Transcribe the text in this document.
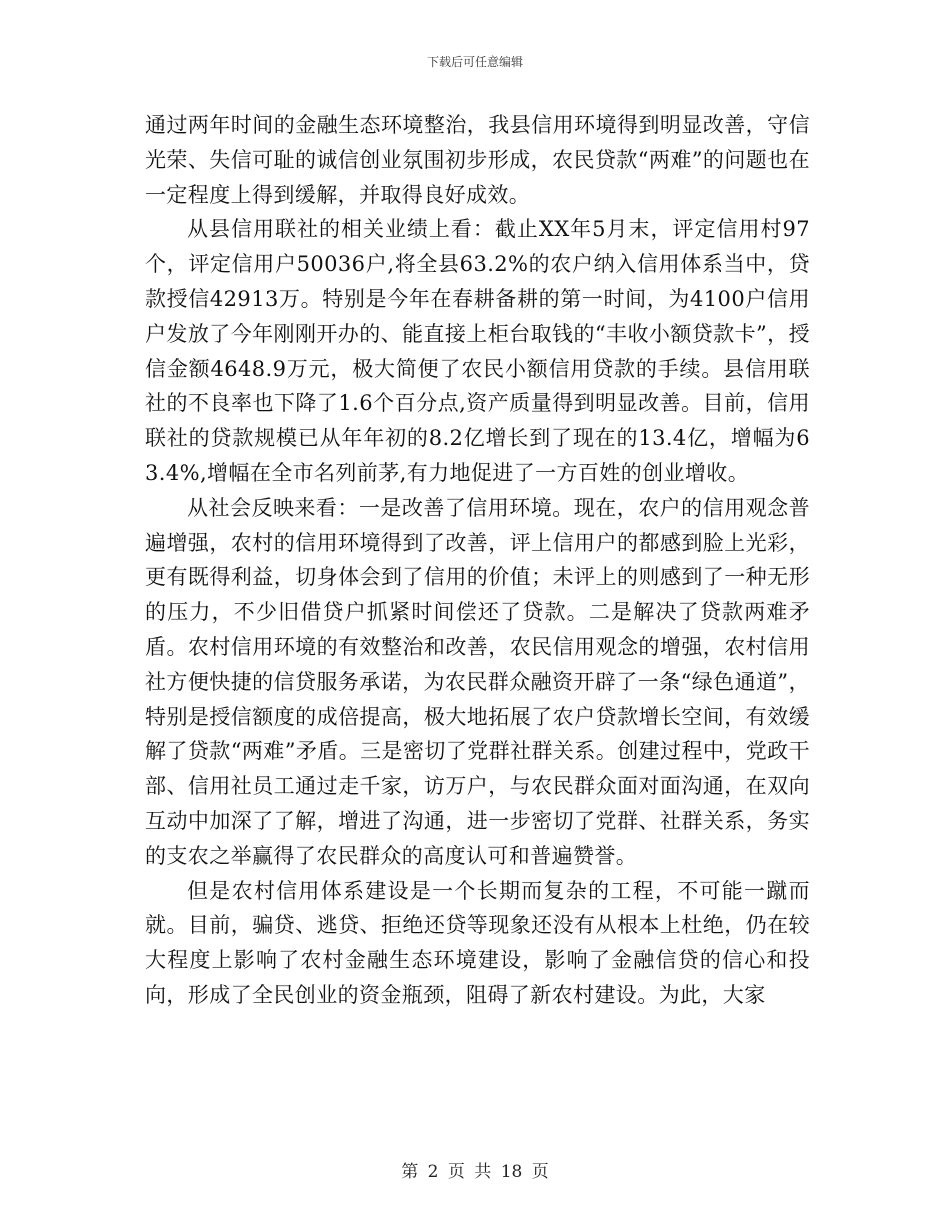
下载后可任意编辑

通过两年时间的金融生态环境整治，我县信用环境得到明显改善，守信光荣、失信可耻的诚信创业氛围初步形成，农民贷款“两难”的问题也在一定程度上得到缓解，并取得良好成效。

从县信用联社的相关业绩上看：截止XX年5月末，评定信用村97个，评定信用户50036户,将全县63.2%的农户纳入信用体系当中，贷款授信42913万。特别是今年在春耕备耕的第一时间，为4100户信用户发放了今年刚刚开办的、能直接上柜台取钱的“丰收小额贷款卡”，授信金额4648.9万元，极大简便了农民小额信用贷款的手续。县信用联社的不良率也下降了1.6个百分点,资产质量得到明显改善。目前，信用联社的贷款规模已从年年初的8.2亿增长到了现在的13.4亿，增幅为63.4%,增幅在全市名列前茅,有力地促进了一方百姓的创业增收。

从社会反映来看：一是改善了信用环境。现在，农户的信用观念普遍增强，农村的信用环境得到了改善，评上信用户的都感到脸上光彩，更有既得利益，切身体会到了信用的价值；未评上的则感到了一种无形的压力，不少旧借贷户抓紧时间偿还了贷款。二是解决了贷款两难矛盾。农村信用环境的有效整治和改善，农民信用观念的增强，农村信用社方便快捷的信贷服务承诺，为农民群众融资开辟了一条“绿色通道”，特别是授信额度的成倍提高，极大地拓展了农户贷款增长空间，有效缓解了贷款“两难”矛盾。三是密切了党群社群关系。创建过程中，党政干部、信用社员工通过走千家，访万户，与农民群众面对面沟通，在双向互动中加深了了解，增进了沟通，进一步密切了党群、社群关系，务实的支农之举赢得了农民群众的高度认可和普遍赞誉。

但是农村信用体系建设是一个长期而复杂的工程，不可能一蹴而就。目前，骗贷、逃贷、拒绝还贷等现象还没有从根本上杜绝，仍在较大程度上影响了农村金融生态环境建设，影响了金融信贷的信心和投向，形成了全民创业的资金瓶颈，阻碍了新农村建设。为此，大家

第 2 页 共 18 页
